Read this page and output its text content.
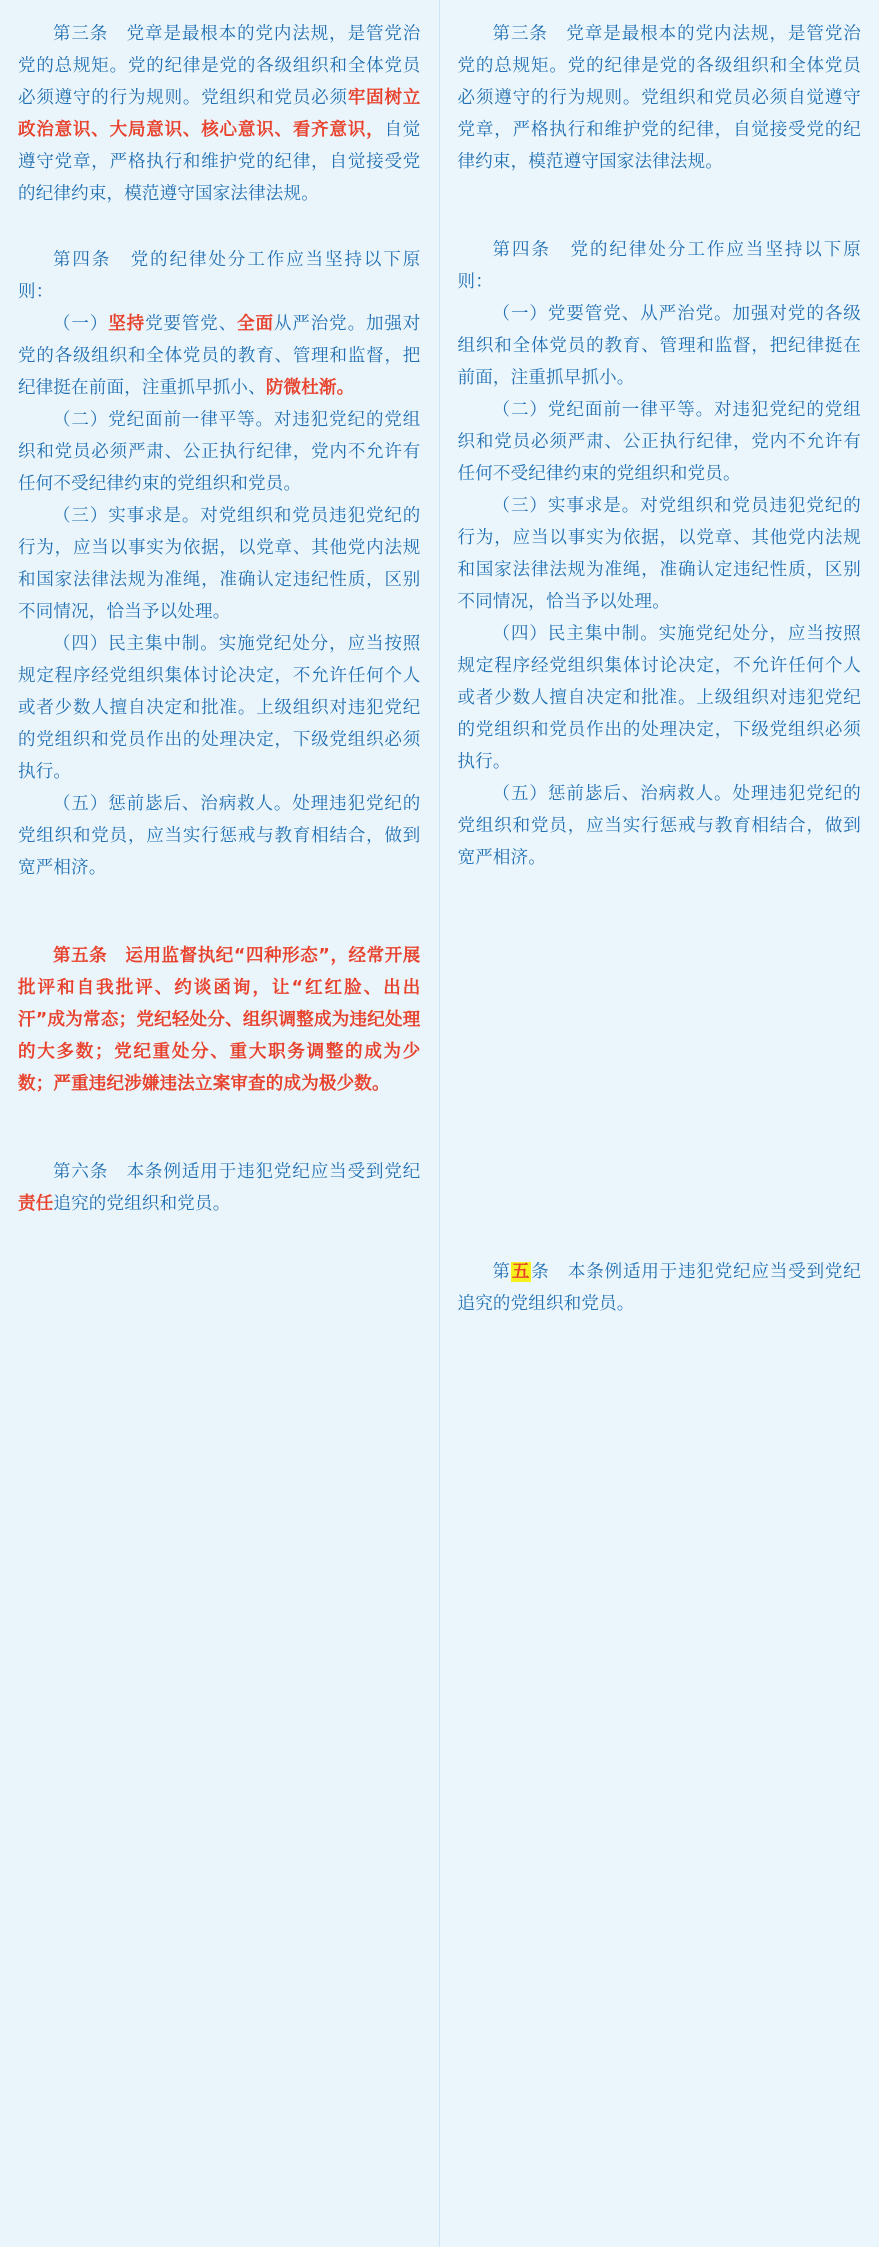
第三条　党章是最根本的党内法规，是管党治党的总规矩。党的纪律是党的各级组织和全体党员必须遵守的行为规则。党组织和党员必须牢固树立政治意识、大局意识、核心意识、看齐意识，自觉遵守党章，严格执行和维护党的纪律，自觉接受党的纪律约束，模范遵守国家法律法规。

第四条　党的纪律处分工作应当坚持以下原则：

（一）坚持党要管党、全面从严治党。加强对党的各级组织和全体党员的教育、管理和监督，把纪律挺在前面，注重抓早抓小、防微杜渐。

（二）党纪面前一律平等。对违犯党纪的党组织和党员必须严肃、公正执行纪律，党内不允许有任何不受纪律约束的党组织和党员。

（三）实事求是。对党组织和党员违犯党纪的行为，应当以事实为依据，以党章、其他党内法规和国家法律法规为准绳，准确认定违纪性质，区别不同情况，恰当予以处理。

（四）民主集中制。实施党纪处分，应当按照规定程序经党组织集体讨论决定，不允许任何个人或者少数人擅自决定和批准。上级组织对违犯党纪的党组织和党员作出的处理决定，下级党组织必须执行。

（五）惩前毖后、治病救人。处理违犯党纪的党组织和党员，应当实行惩戒与教育相结合，做到宽严相济。

第五条　运用监督执纪“四种形态”，经常开展批评和自我批评、约谈函询，让“红红脸、出出汗”成为常态；党纪轻处分、组织调整成为违纪处理的大多数；党纪重处分、重大职务调整的成为少数；严重违纪涉嫌违法立案审查的成为极少数。

第六条　本条例适用于违犯党纪应当受到党纪责任追究的党组织和党员。

第三条　党章是最根本的党内法规，是管党治党的总规矩。党的纪律是党的各级组织和全体党员必须遵守的行为规则。党组织和党员必须自觉遵守党章，严格执行和维护党的纪律，自觉接受党的纪律约束，模范遵守国家法律法规。

第四条　党的纪律处分工作应当坚持以下原则：

（一）党要管党、从严治党。加强对党的各级组织和全体党员的教育、管理和监督，把纪律挺在前面，注重抓早抓小。

（二）党纪面前一律平等。对违犯党纪的党组织和党员必须严肃、公正执行纪律，党内不允许有任何不受纪律约束的党组织和党员。

（三）实事求是。对党组织和党员违犯党纪的行为，应当以事实为依据，以党章、其他党内法规和国家法律法规为准绳，准确认定违纪性质，区别不同情况，恰当予以处理。

（四）民主集中制。实施党纪处分，应当按照规定程序经党组织集体讨论决定，不允许任何个人或者少数人擅自决定和批准。上级组织对违犯党纪的党组织和党员作出的处理决定，下级党组织必须执行。

（五）惩前毖后、治病救人。处理违犯党纪的党组织和党员，应当实行惩戒与教育相结合，做到宽严相济。

第五条　本条例适用于违犯党纪应当受到党纪追究的党组织和党员。
